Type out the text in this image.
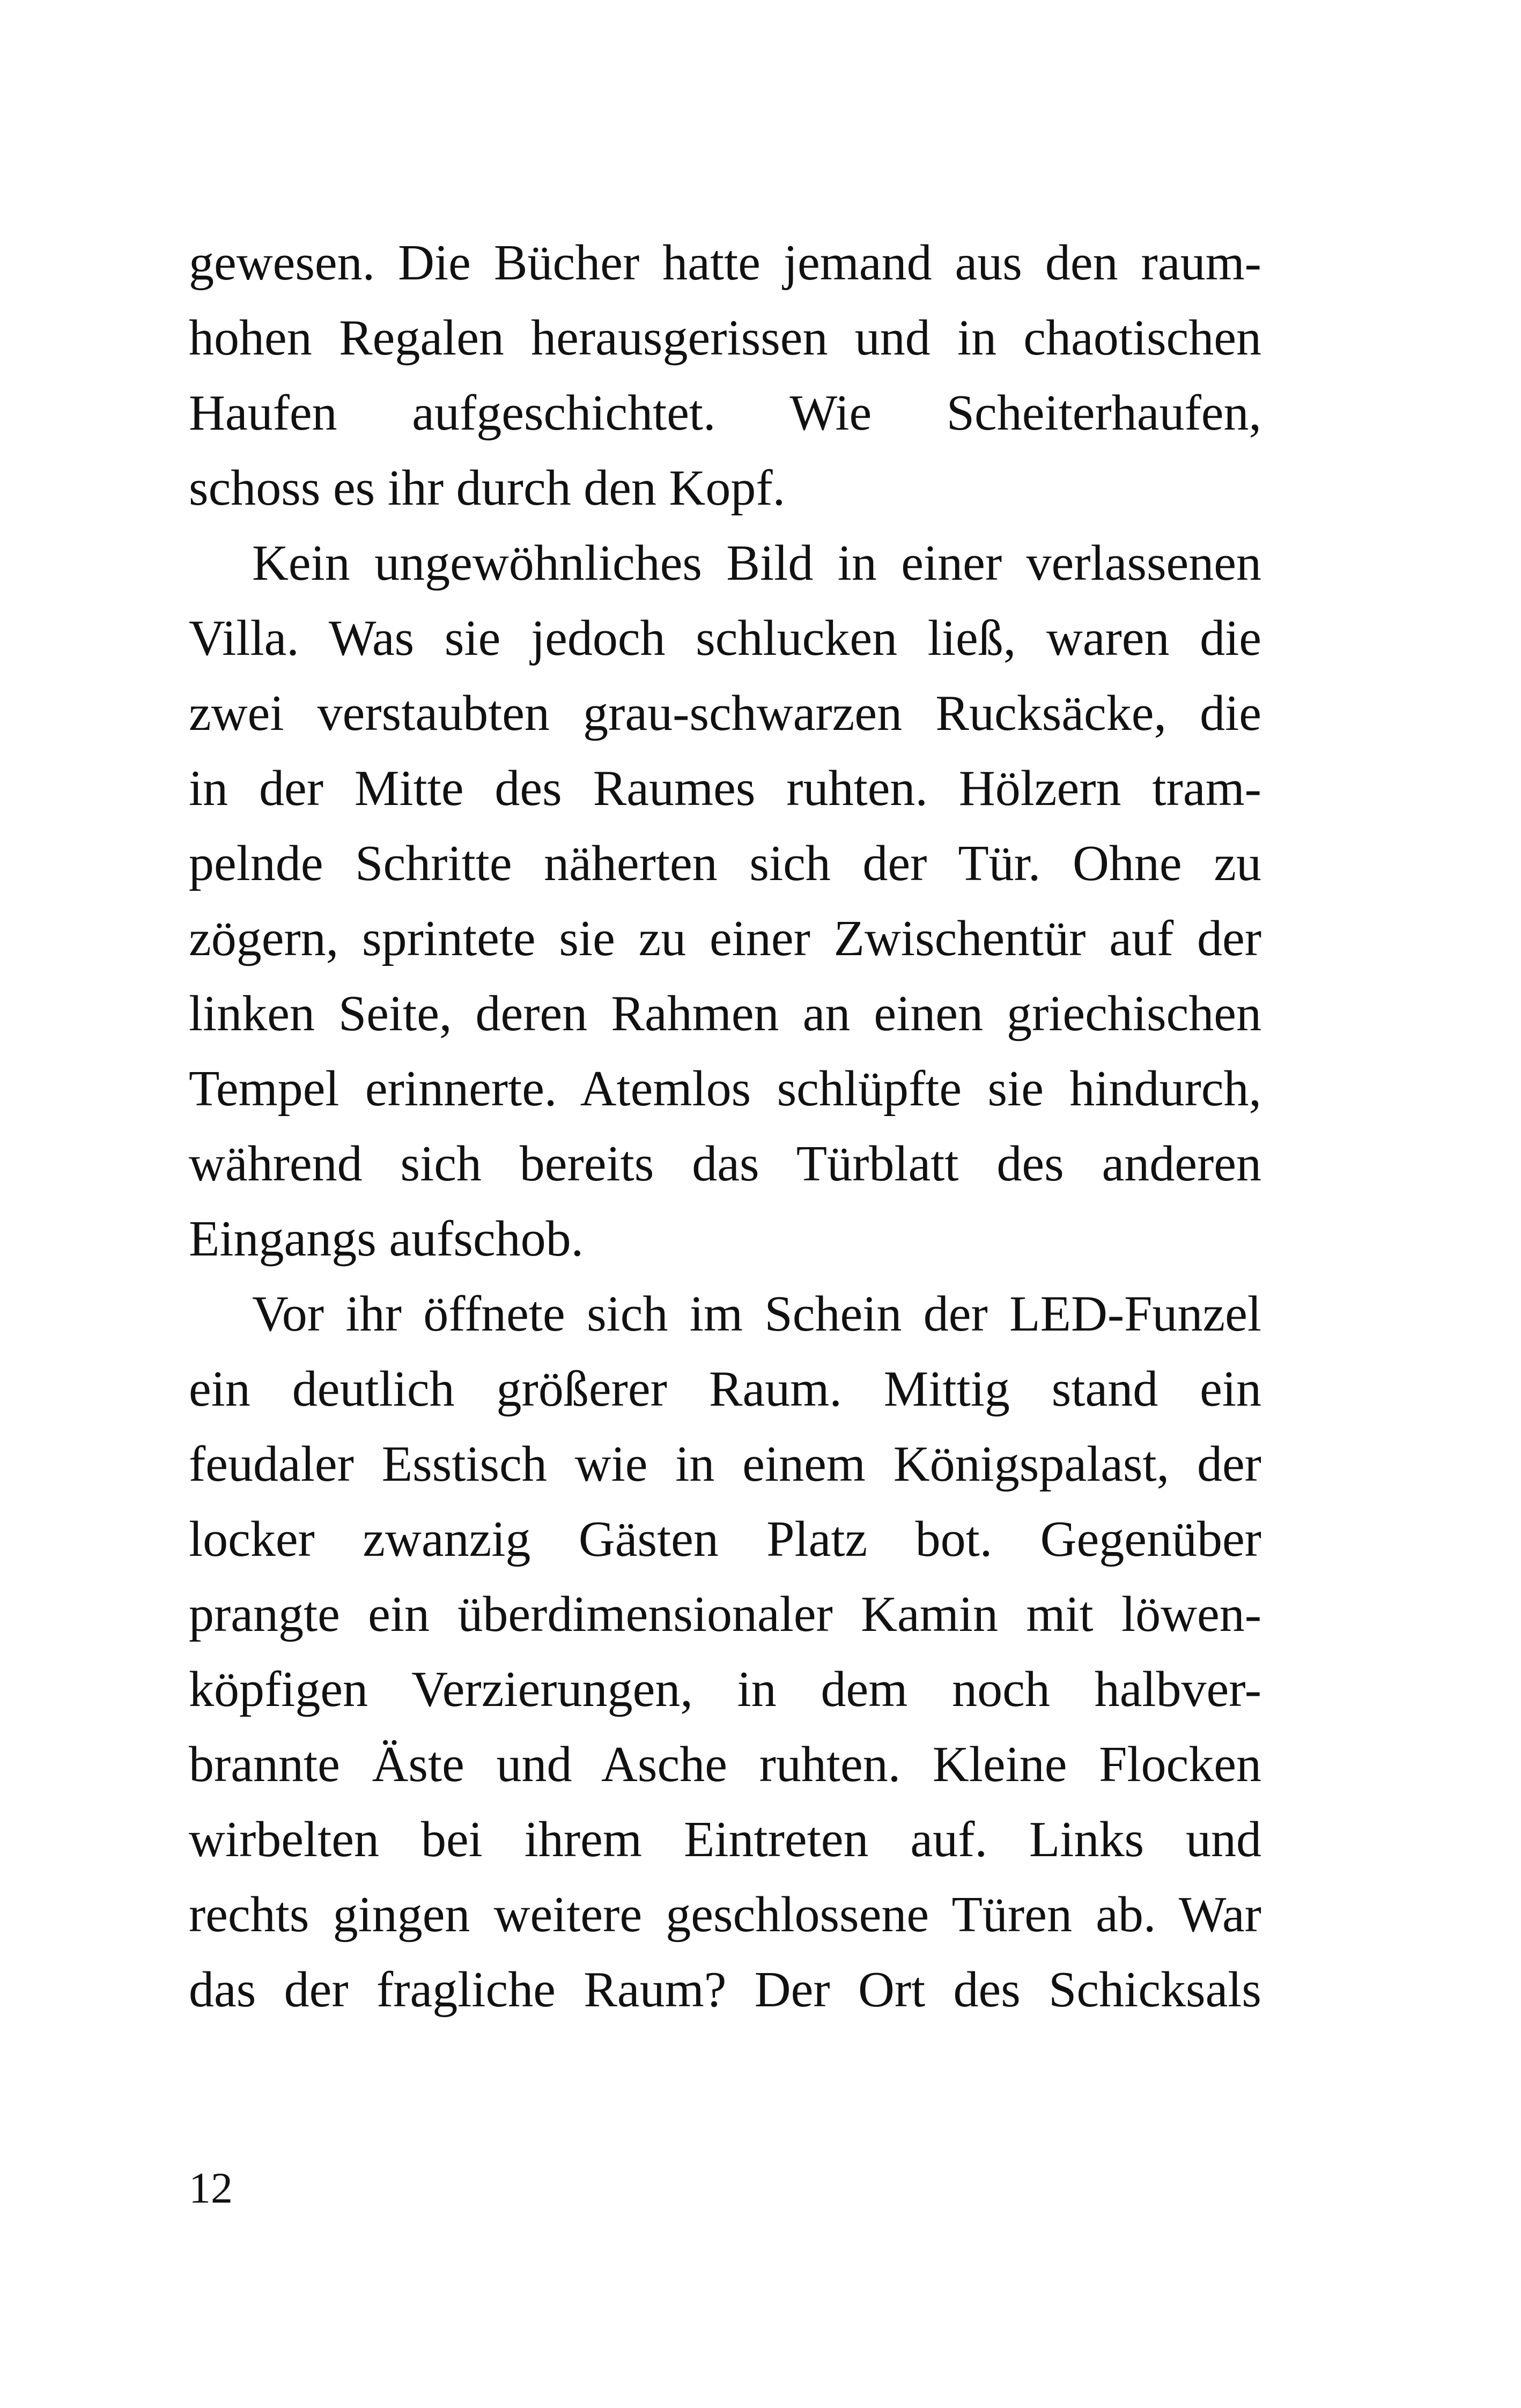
gewesen. Die Bücher hatte jemand aus den raum-
hohen Regalen herausgerissen und in chaotischen
Haufen aufgeschichtet. Wie Scheiterhaufen,
schoss es ihr durch den Kopf.
Kein ungewöhnliches Bild in einer verlassenen
Villa. Was sie jedoch schlucken ließ, waren die
zwei verstaubten grau-schwarzen Rucksäcke, die
in der Mitte des Raumes ruhten. Hölzern tram-
pelnde Schritte näherten sich der Tür. Ohne zu
zögern, sprintete sie zu einer Zwischentür auf der
linken Seite, deren Rahmen an einen griechischen
Tempel erinnerte. Atemlos schlüpfte sie hindurch,
während sich bereits das Türblatt des anderen
Eingangs aufschob.
Vor ihr öffnete sich im Schein der LED-Funzel
ein deutlich größerer Raum. Mittig stand ein
feudaler Esstisch wie in einem Königspalast, der
locker zwanzig Gästen Platz bot. Gegenüber
prangte ein überdimensionaler Kamin mit löwen-
köpfigen Verzierungen, in dem noch halbver-
brannte Äste und Asche ruhten. Kleine Flocken
wirbelten bei ihrem Eintreten auf. Links und
rechts gingen weitere geschlossene Türen ab. War
das der fragliche Raum? Der Ort des Schicksals
12
